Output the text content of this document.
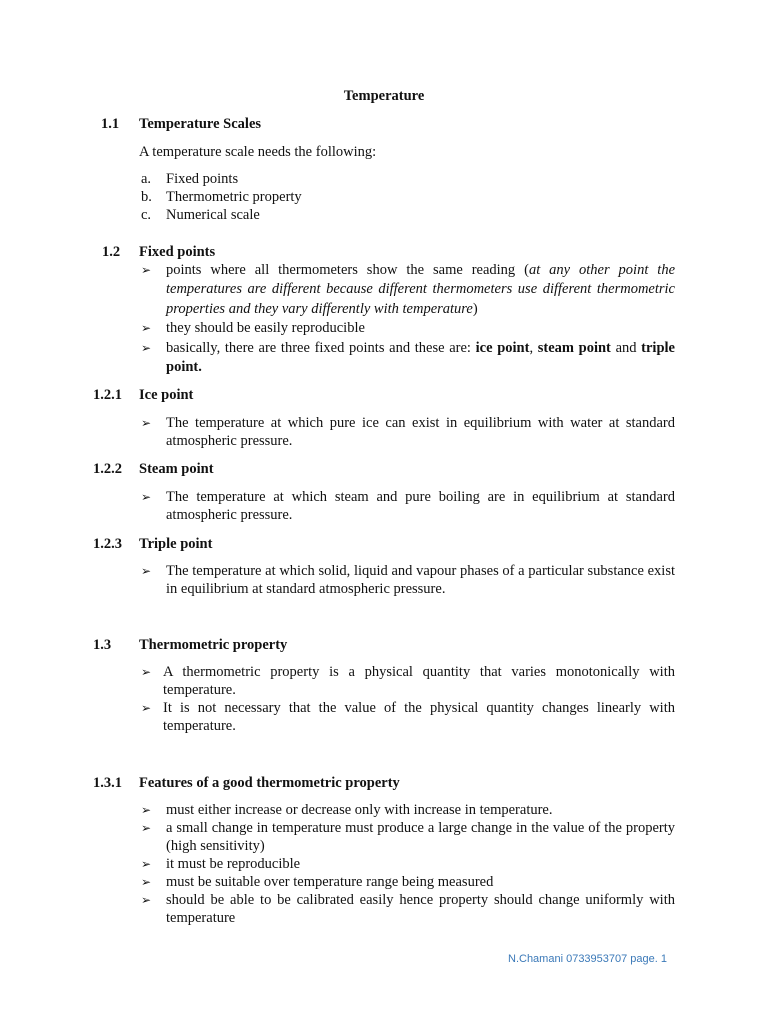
Temperature
1.1 Temperature Scales
A temperature scale needs the following:
a. Fixed points
b. Thermometric property
c. Numerical scale
1.2 Fixed points
➢ points where all thermometers show the same reading (at any other point the temperatures are different because different thermometers use different thermometric properties and they vary differently with temperature)
➢ they should be easily reproducible
➢ basically, there are three fixed points and these are: ice point, steam point and triple point.
1.2.1 Ice point
➢ The temperature at which pure ice can exist in equilibrium with water at standard atmospheric pressure.
1.2.2 Steam point
➢ The temperature at which steam and pure boiling are in equilibrium at standard atmospheric pressure.
1.2.3 Triple point
➢ The temperature at which solid, liquid and vapour phases of a particular substance exist in equilibrium at standard atmospheric pressure.
1.3 Thermometric property
➢ A thermometric property is a physical quantity that varies monotonically with temperature.
➢ It is not necessary that the value of the physical quantity changes linearly with temperature.
1.3.1 Features of a good thermometric property
➢ must either increase or decrease only with increase in temperature.
➢ a small change in temperature must produce a large change in the value of the property (high sensitivity)
➢ it must be reproducible
➢ must be suitable over temperature range being measured
➢ should be able to be calibrated easily hence property should change uniformly with temperature
N.Chamani 0733953707 page. 1
